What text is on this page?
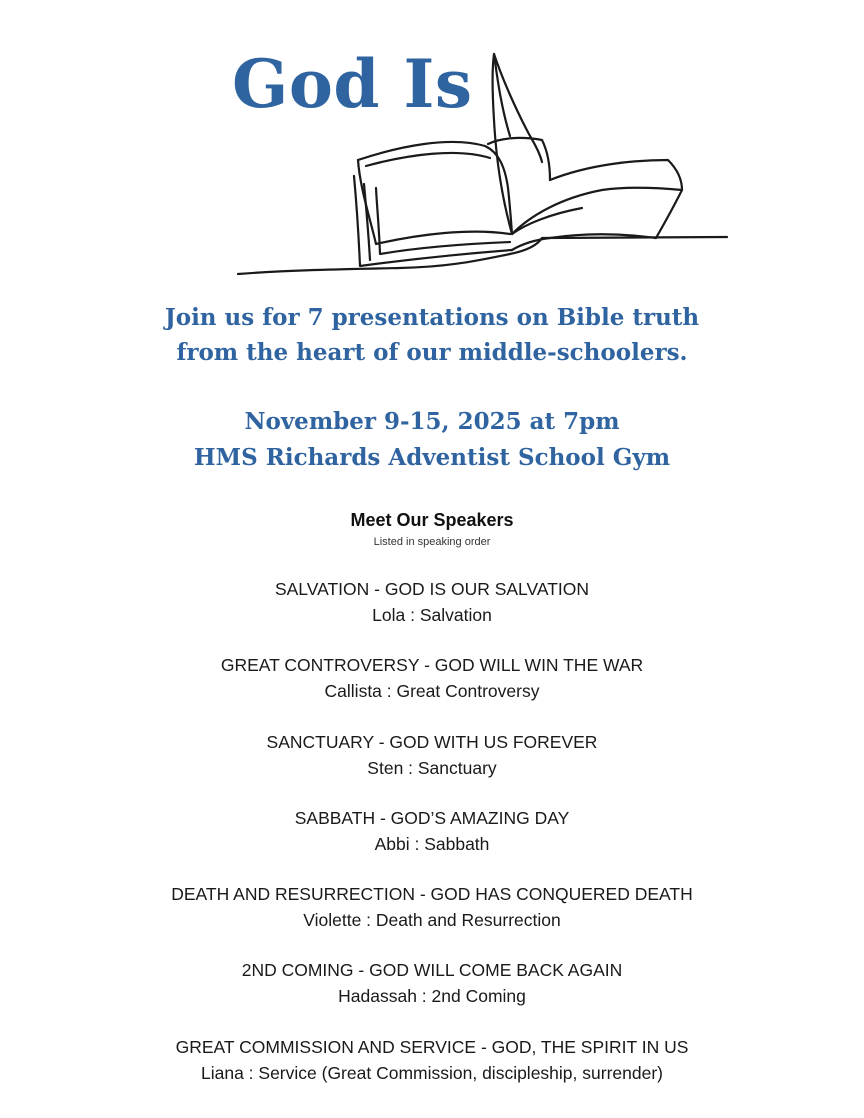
God Is
Join us for 7 presentations on Bible truth
from the heart of our middle-schoolers.
November 9-15, 2025 at 7pm
HMS Richards Adventist School Gym
Meet Our Speakers
Listed in speaking order
SALVATION - GOD IS OUR SALVATION
Lola : Salvation
GREAT CONTROVERSY - GOD WILL WIN THE WAR
Callista : Great Controversy
SANCTUARY - GOD WITH US FOREVER
Sten : Sanctuary
SABBATH - GOD’S AMAZING DAY
Abbi : Sabbath
DEATH AND RESURRECTION - GOD HAS CONQUERED DEATH
Violette : Death and Resurrection
2ND COMING - GOD WILL COME BACK AGAIN
Hadassah : 2nd Coming
GREAT COMMISSION AND SERVICE - GOD, THE SPIRIT IN US
Liana : Service (Great Commission, discipleship, surrender)
